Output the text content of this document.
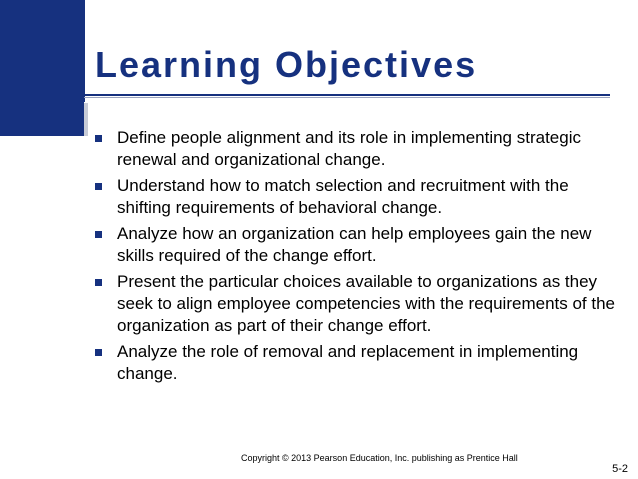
Learning Objectives
Define people alignment and its role in implementing strategic renewal and organizational change.
Understand how to match selection and recruitment with the shifting requirements of behavioral change.
Analyze how an organization can help employees gain the new skills required of the change effort.
Present the particular choices available to organizations as they seek to align employee competencies with the requirements of the organization as part of their change effort.
Analyze the role of removal and replacement in implementing change.
Copyright © 2013 Pearson Education, Inc. publishing as Prentice Hall
5-2
